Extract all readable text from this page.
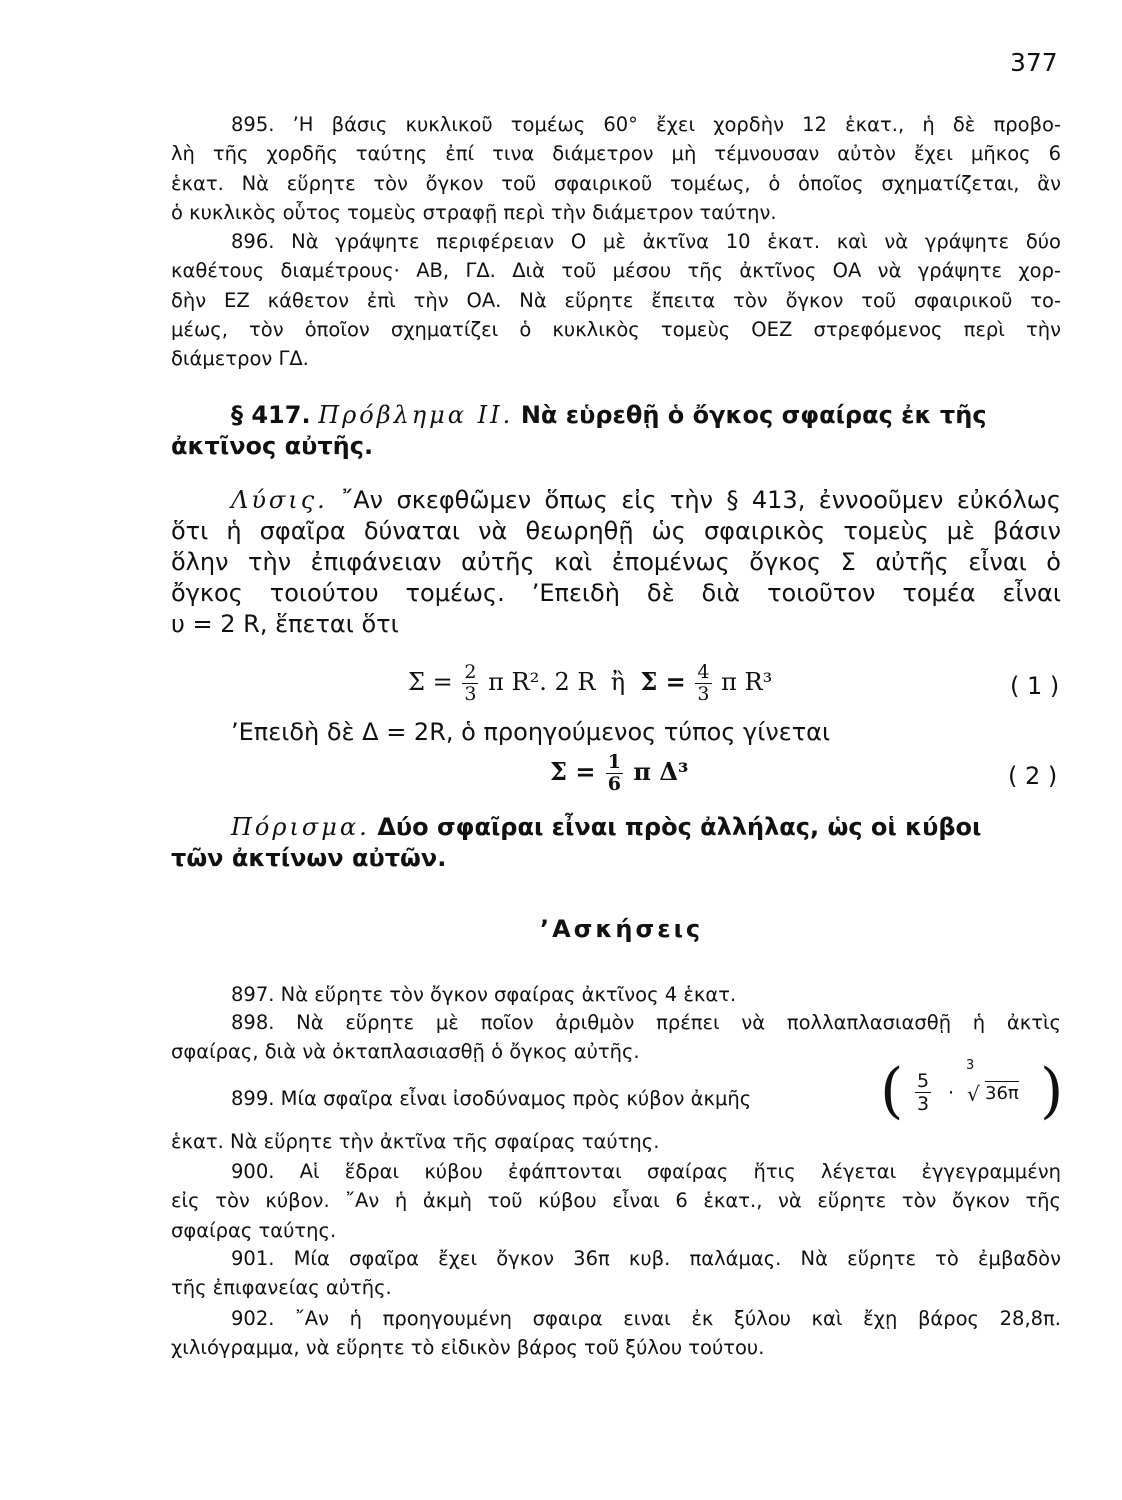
377
895. ’Η βάσις κυκλικοῦ τομέως 60° ἔχει χορδὴν 12 ἑκατ., ἡ δὲ προβο-
λὴ τῆς χορδῆς ταύτης ἐπί τινα διάμετρον μὴ τέμνουσαν αὐτὸν ἔχει μῆκος 6
ἑκατ. Νὰ εὕρητε τὸν ὄγκον τοῦ σφαιρικοῦ τομέως, ὁ ὁποῖος σχηματίζεται, ἂν
ὁ κυκλικὸς οὗτος τομεὺς στραφῇ περὶ τὴν διάμετρον ταύτην.
896. Νὰ γράψητε περιφέρειαν Ο μὲ ἀκτῖνα 10 ἑκατ. καὶ νὰ γράψητε δύο
καθέτους διαμέτρους· ΑΒ, ΓΔ. Διὰ τοῦ μέσου τῆς ἀκτῖνος ΟΑ νὰ γράψητε χορ-
δὴν ΕΖ κάθετον ἐπὶ τὴν ΟΑ. Νὰ εὕρητε ἔπειτα τὸν ὄγκον τοῦ σφαιρικοῦ το-
μέως, τὸν ὁποῖον σχηματίζει ὁ κυκλικὸς τομεὺς ΟΕΖ στρεφόμενος περὶ τὴν
διάμετρον ΓΔ.
§ 417. Πρόβλημα ΙΙ. Νὰ εὑρεθῇ ὁ ὄγκος σφαίρας ἐκ τῆς
ἀκτῖνος αὐτῆς.
Λύσις. ῎Αν σκεφθῶμεν ὅπως εἰς τὴν § 413, ἐννοοῦμεν εὐκόλως
ὅτι ἡ σφαῖρα δύναται νὰ θεωρηθῇ ὡς σφαιρικὸς τομεὺς μὲ βάσιν
ὅλην τὴν ἐπιφάνειαν αὐτῆς καὶ ἐπομένως ὄγκος Σ αὐτῆς εἶναι ὁ
ὄγκος τοιούτου τομέως. ’Επειδὴ δὲ διὰ τοιοῦτον τομέα εἶναι
υ = 2 R, ἕπεται ὅτι
$\Sigma = \frac{2}{3}$ π R². 2 R ἢ $\Sigma = \frac{4}{3}$ π R³	( 1 )
’Επειδὴ δὲ Δ = 2R, ὁ προηγούμενος τύπος γίνεται
$\Sigma = \frac{1}{6}$ π Δ³	( 2 )
Πόρισμα. Δύο σφαῖραι εἶναι πρὸς ἀλλήλας, ὡς οἱ κύβοι
τῶν ἀκτίνων αὐτῶν.
’Ασκήσεις
897. Νὰ εὕρητε τὸν ὄγκον σφαίρας ἀκτῖνος 4 ἑκατ.
898. Νὰ εὕρητε μὲ ποῖον ἀριθμὸν πρέπει νὰ πολλαπλασιασθῇ ἡ ἀκτὶς
σφαίρας, διὰ νὰ ὀκταπλασιασθῇ ὁ ὄγκος αὐτῆς.
899. Μία σφαῖρα εἶναι ἰσοδύναμος πρὸς κύβον ἀκμῆς	( $\frac{5}{3}$ ·
3
√ 36π )
ἑκατ. Νὰ εὕρητε τὴν ἀκτῖνα τῆς σφαίρας ταύτης.
900. Αἱ ἕδραι κύβου ἐφάπτονται σφαίρας ἥτις λέγεται ἐγγεγραμμένη
εἰς τὸν κύβον. ῎Αν ἡ ἀκμὴ τοῦ κύβου εἶναι 6 ἑκατ., νὰ εὕρητε τὸν ὄγκον τῆς
σφαίρας ταύτης.
901. Μία σφαῖρα ἔχει ὄγκον 36π κυβ. παλάμας. Νὰ εὕρητε τὸ ἐμβαδὸν
τῆς ἐπιφανείας αὐτῆς.
902. ῎Αν ἡ προηγουμένη σφαιρα ειναι ἐκ ξύλου καὶ ἔχῃ βάρος 28,8π.
χιλιόγραμμα, νὰ εὕρητε τὸ εἰδικὸν βάρος τοῦ ξύλου τούτου.
